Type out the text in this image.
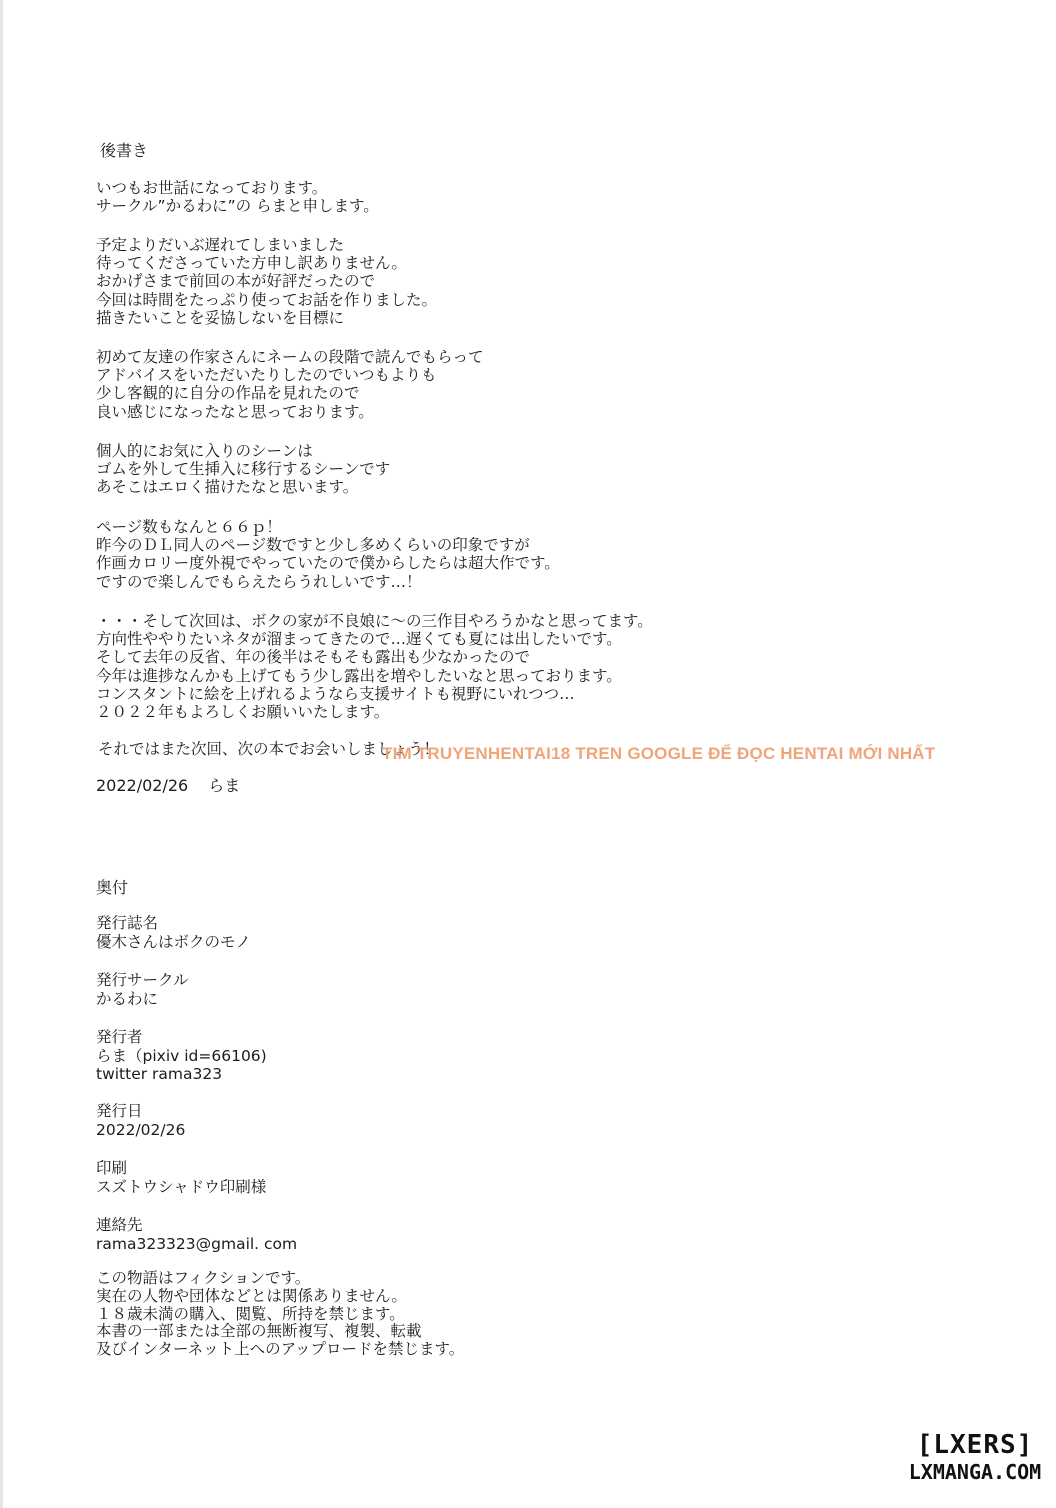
後書き
いつもお世話になっております。
サークル”かるわに”の らまと申します。
予定よりだいぶ遅れてしまいました
待ってくださっていた方申し訳ありません。
おかげさまで前回の本が好評だったので
今回は時間をたっぷり使ってお話を作りました。
描きたいことを妥協しないを目標に
初めて友達の作家さんにネームの段階で読んでもらって
アドバイスをいただいたりしたのでいつもよりも
少し客観的に自分の作品を見れたので
良い感じになったなと思っております。
個人的にお気に入りのシーンは
ゴムを外して生挿入に移行するシーンです
あそこはエロく描けたなと思います。
ページ数もなんと６６ｐ！
昨今のＤＬ同人のページ数ですと少し多めくらいの印象ですが
作画カロリー度外視でやっていたので僕からしたらは超大作です。
ですので楽しんでもらえたらうれしいです…！
・・・そして次回は、ボクの家が不良娘に〜の三作目やろうかなと思ってます。
方向性ややりたいネタが溜まってきたので…遅くても夏には出したいです。
そして去年の反省、年の後半はそもそも露出も少なかったので
今年は進捗なんかも上げてもう少し露出を増やしたいなと思っております。
コンスタントに絵を上げれるようなら支援サイトも視野にいれつつ…
２０２２年もよろしくお願いいたします。
それではまた次回、次の本でお会いしましょう！
TIM TRUYENHENTAI18 TREN GOOGLE ĐỂ ĐỌC HENTAI MỚI NHẤT
2022/02/26 らま
奥付
発行誌名
優木さんはボクのモノ
発行サークル
かるわに
発行者
らま（pixiv id=66106)
twitter rama323
発行日
2022/02/26
印刷
スズトウシャドウ印刷様
連絡先
rama323323@gmail. com
この物語はフィクションです。
実在の人物や団体などとは関係ありません。
１８歳未満の購入、閲覧、所持を禁じます。
本書の一部または全部の無断複写、複製、転載
及びインターネット上へのアップロードを禁じます。
[LXERS]
LXMANGA.COM
